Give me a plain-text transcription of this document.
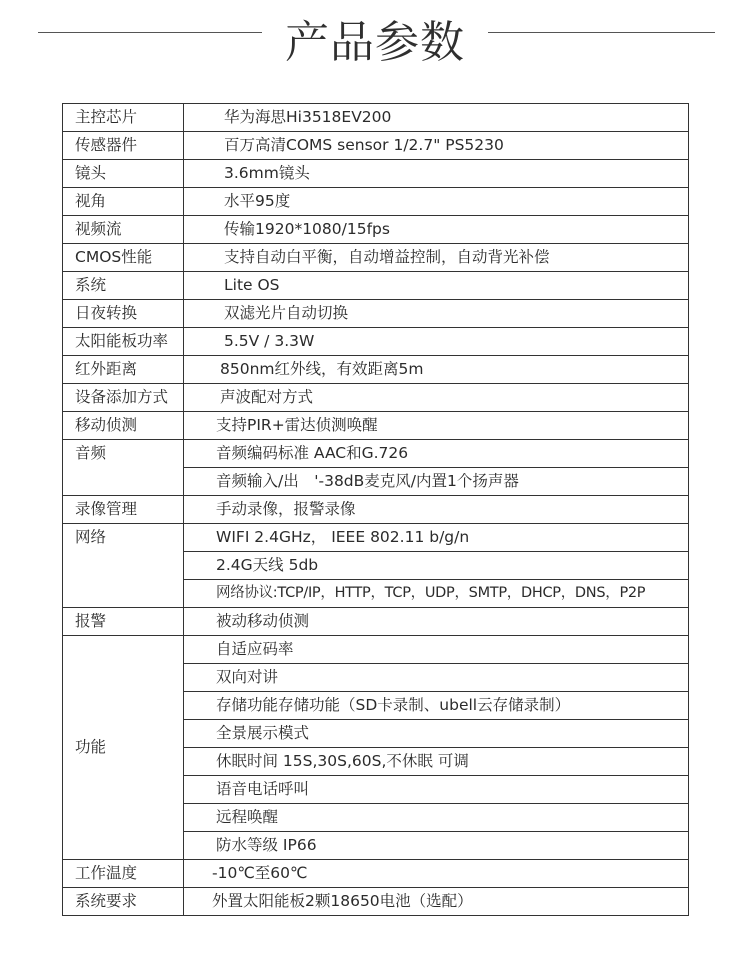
产品参数
主控芯片	华为海思Hi3518EV200
传感器件	百万高清COMS sensor 1/2.7" PS5230
镜头	3.6mm镜头
视角	水平95度
视频流	传输1920*1080/15fps
CMOS性能	支持自动白平衡，自动增益控制，自动背光补偿
系统	Lite OS
日夜转换	双滤光片自动切换
太阳能板功率	5.5V / 3.3W
红外距离	850nm红外线，有效距离5m
设备添加方式	声波配对方式
移动侦测	支持PIR+雷达侦测唤醒
音频	音频编码标准 AAC和G.726
	音频输入/出　'-38dB麦克风/内置1个扬声器
录像管理	手动录像，报警录像
网络	WIFI 2.4GHz， IEEE 802.11 b/g/n
	2.4G天线 5db
	网络协议:TCP/IP，HTTP，TCP，UDP，SMTP，DHCP，DNS，P2P
报警	被动移动侦测
功能	自适应码率
	双向对讲
	存储功能存储功能（SD卡录制、ubell云存储录制）
	全景展示模式
	休眠时间 15S,30S,60S,不休眠 可调
	语音电话呼叫
	远程唤醒
	防水等级 IP66
工作温度	-10℃至60℃
系统要求	外置太阳能板2颗18650电池（选配）
